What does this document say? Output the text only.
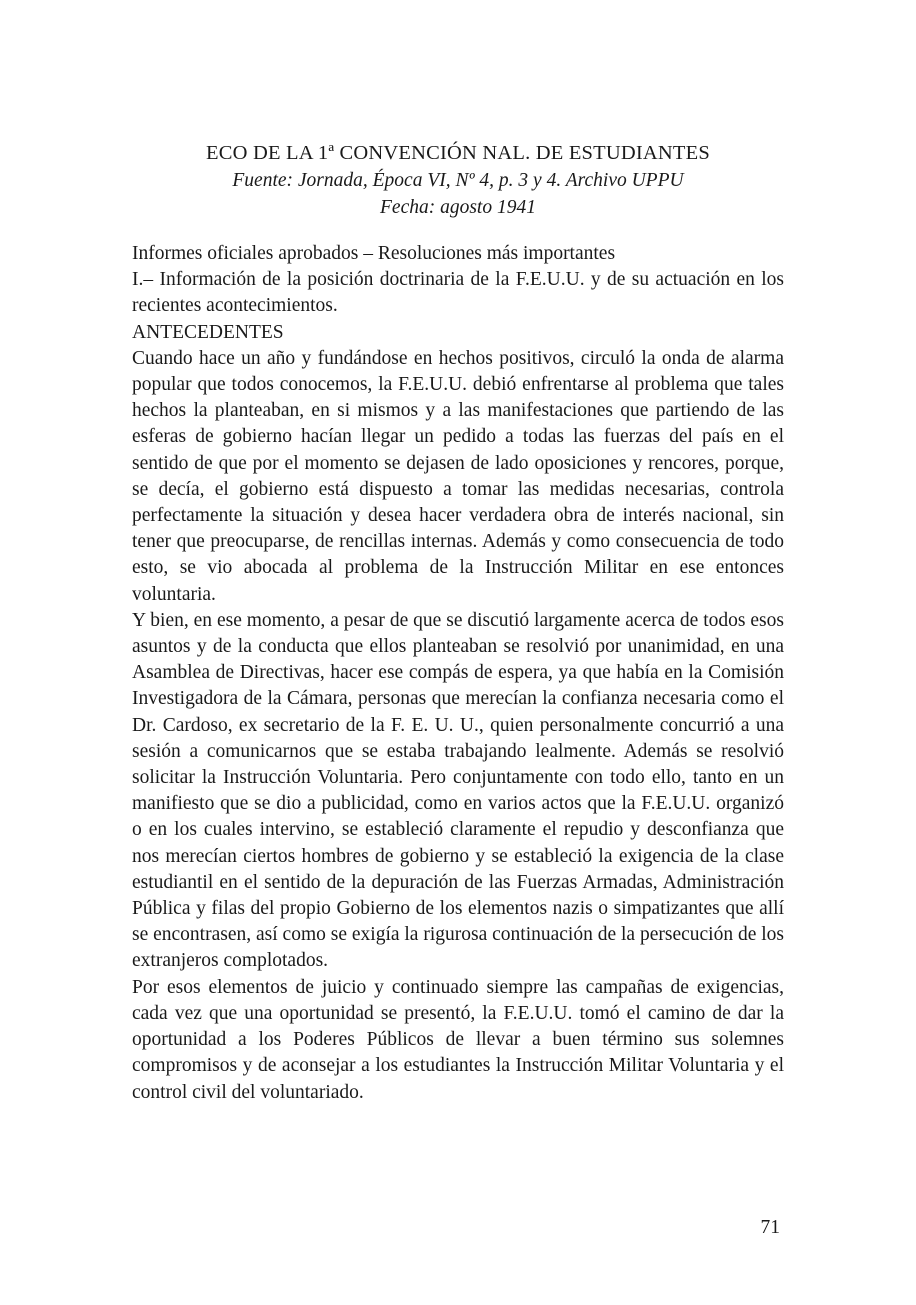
ECO DE LA 1ª CONVENCIÓN NAL. DE ESTUDIANTES
Fuente: Jornada, Época VI, Nº 4, p. 3 y 4. Archivo UPPU
Fecha: agosto 1941

Informes oficiales aprobados – Resoluciones más importantes

I.– Información de la posición doctrinaria de la F.E.U.U. y de su actuación en los recientes acontecimientos.

ANTECEDENTES

Cuando hace un año y fundándose en hechos positivos, circuló la onda de alarma popular que todos conocemos, la F.E.U.U. debió enfrentarse al problema que tales hechos la planteaban, en si mismos y a las manifestaciones que partiendo de las esferas de gobierno hacían llegar un pedido a todas las fuerzas del país en el sentido de que por el momento se dejasen de lado oposiciones y rencores, porque, se decía, el gobierno está dispuesto a tomar las medidas necesarias, controla perfectamente la situación y desea hacer verdadera obra de interés nacional, sin tener que preocuparse, de rencillas internas. Además y como consecuencia de todo esto, se vio abocada al problema de la Instrucción Militar en ese entonces voluntaria.

Y bien, en ese momento, a pesar de que se discutió largamente acerca de todos esos asuntos y de la conducta que ellos planteaban se resolvió por unanimidad, en una Asamblea de Directivas, hacer ese compás de espera, ya que había en la Comisión Investigadora de la Cámara, personas que merecían la confianza necesaria como el Dr. Cardoso, ex secretario de la F. E. U. U., quien personalmente concurrió a una sesión a comunicarnos que se estaba trabajando lealmente. Además se resolvió solicitar la Instrucción Voluntaria. Pero conjuntamente con todo ello, tanto en un manifiesto que se dio a publicidad, como en varios actos que la F.E.U.U. organizó o en los cuales intervino, se estableció claramente el repudio y desconfianza que nos merecían ciertos hombres de gobierno y se estableció la exigencia de la clase estudiantil en el sentido de la depuración de las Fuerzas Armadas, Administración Pública y filas del propio Gobierno de los elementos nazis o simpatizantes que allí se encontrasen, así como se exigía la rigurosa continuación de la persecución de los extranjeros complotados.

Por esos elementos de juicio y continuado siempre las campañas de exigencias, cada vez que una oportunidad se presentó, la F.E.U.U. tomó el camino de dar la oportunidad a los Poderes Públicos de llevar a buen término sus solemnes compromisos y de aconsejar a los estudiantes la Instrucción Militar Voluntaria y el control civil del voluntariado.

71
